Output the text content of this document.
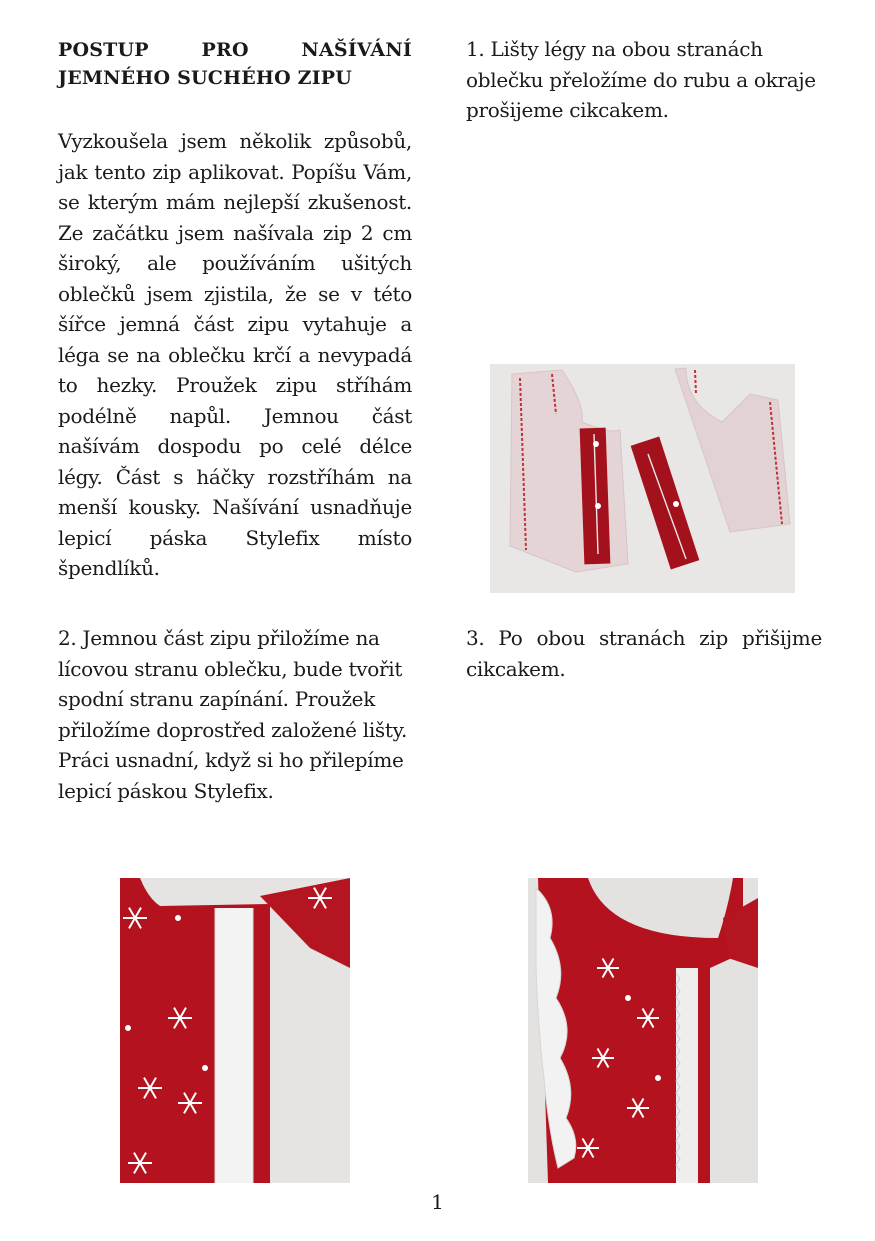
POSTUP PRO NAŠÍVÁNÍ
JEMNÉHO SUCHÉHO ZIPU
Vyzkoušela jsem několik způsobů, jak tento zip aplikovat. Popíšu Vám, se kterým mám nejlepší zkušenost. Ze začátku jsem našívala zip 2 cm široký, ale používáním ušitých oblečků jsem zjistila, že se v této šířce jemná část zipu vytahuje a léga se na oblečku krčí a nevypadá to hezky. Proužek zipu stříhám podélně napůl. Jemnou část našívám dospodu po celé délce légy. Část s háčky rozstříhám na menší kousky. Našívání usnadňuje lepicí páska Stylefix místo špendlíků.
1. Lišty légy na obou stranách oblečku přeložíme do rubu a okraje prošijeme cikcakem.
2. Jemnou část zipu přiložíme na lícovou stranu oblečku, bude tvořit spodní stranu zapínání. Proužek přiložíme doprostřed založené lišty. Práci usnadní, když si ho přilepíme lepicí páskou Stylefix.
3. Po obou stranách zip přišijme cikcakem.
1
